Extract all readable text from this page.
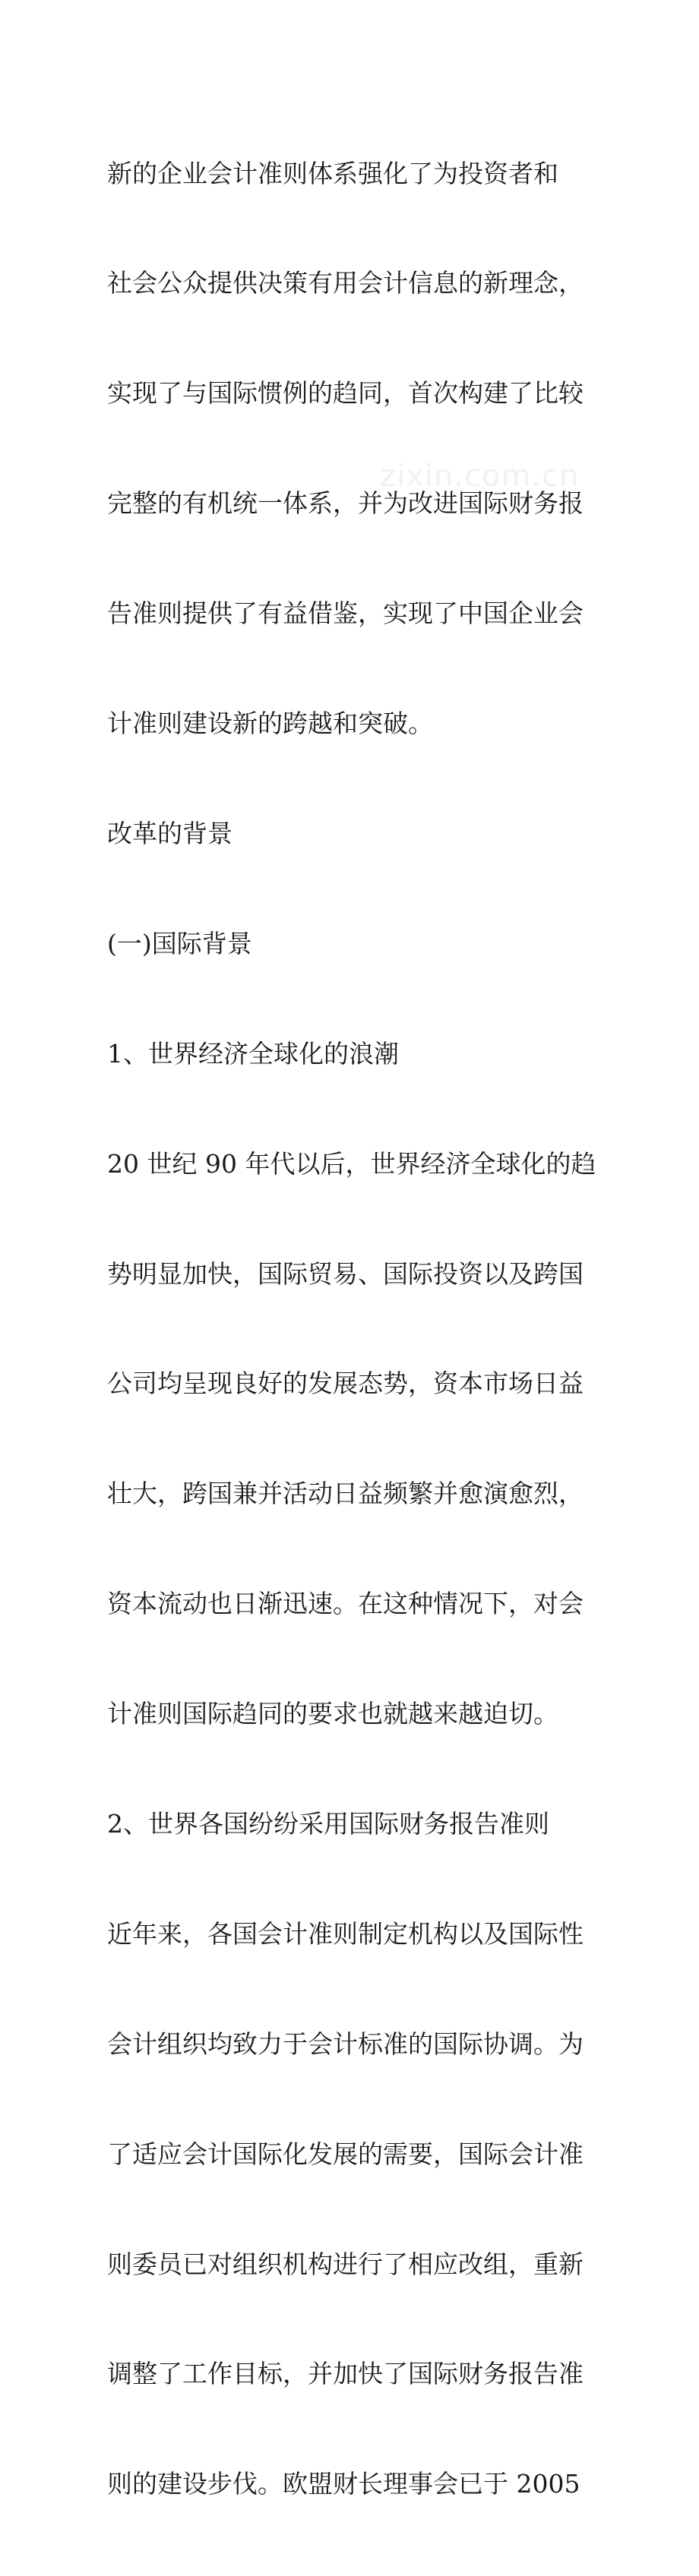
新的企业会计准则体系强化了为投资者和

社会公众提供决策有用会计信息的新理念，

实现了与国际惯例的趋同，首次构建了比较

完整的有机统一体系，并为改进国际财务报

告准则提供了有益借鉴，实现了中国企业会

计准则建设新的跨越和突破。

改革的背景

(一)国际背景

1、世界经济全球化的浪潮

20 世纪 90 年代以后，世界经济全球化的趋

势明显加快，国际贸易、国际投资以及跨国

公司均呈现良好的发展态势，资本市场日益

壮大，跨国兼并活动日益频繁并愈演愈烈，

资本流动也日渐迅速。在这种情况下，对会

计准则国际趋同的要求也就越来越迫切。

2、世界各国纷纷采用国际财务报告准则

近年来，各国会计准则制定机构以及国际性

会计组织均致力于会计标准的国际协调。为

了适应会计国际化发展的需要，国际会计准

则委员已对组织机构进行了相应改组，重新

调整了工作目标，并加快了国际财务报告准

则的建设步伐。欧盟财长理事会已于 2005

zixin.com.cn
